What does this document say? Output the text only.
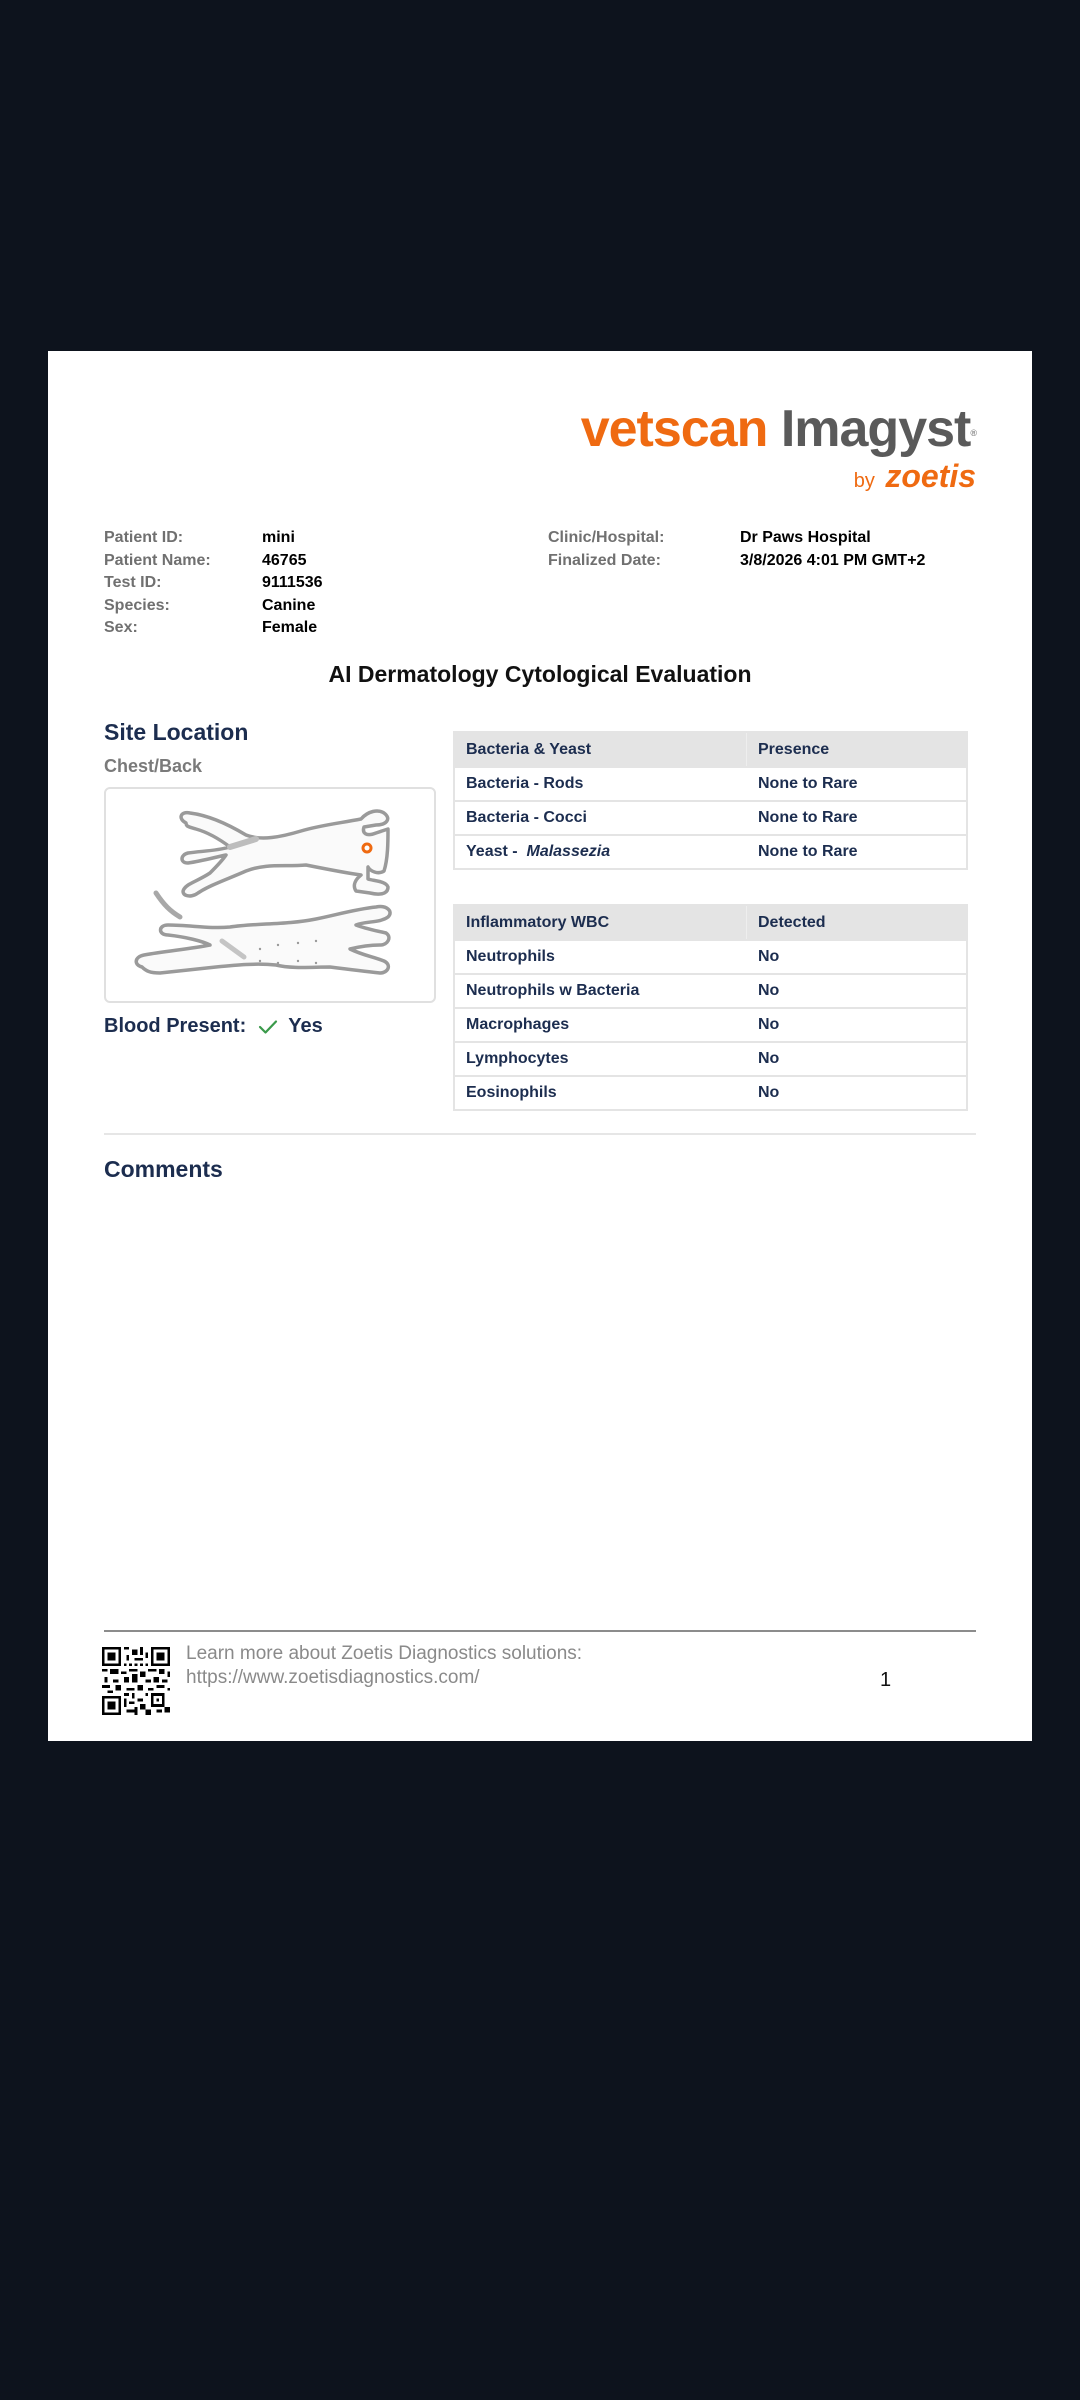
vetscan Imagyst®
by zoetis
Patient ID:	mini
Patient Name:	46765
Test ID:	9111536
Species:	Canine
Sex:	Female
Clinic/Hospital:	Dr Paws Hospital
Finalized Date:	3/8/2026 4:01 PM GMT+2
AI Dermatology Cytological Evaluation
Site Location
Chest/Back
Blood Present: Yes
Bacteria & Yeast	Presence
Bacteria - Rods	None to Rare
Bacteria - Cocci	None to Rare
Yeast -  Malassezia	None to Rare
Inflammatory WBC	Detected
Neutrophils	No
Neutrophils w Bacteria	No
Macrophages	No
Lymphocytes	No
Eosinophils	No
Comments
Learn more about Zoetis Diagnostics solutions:
https://www.zoetisdiagnostics.com/	1
